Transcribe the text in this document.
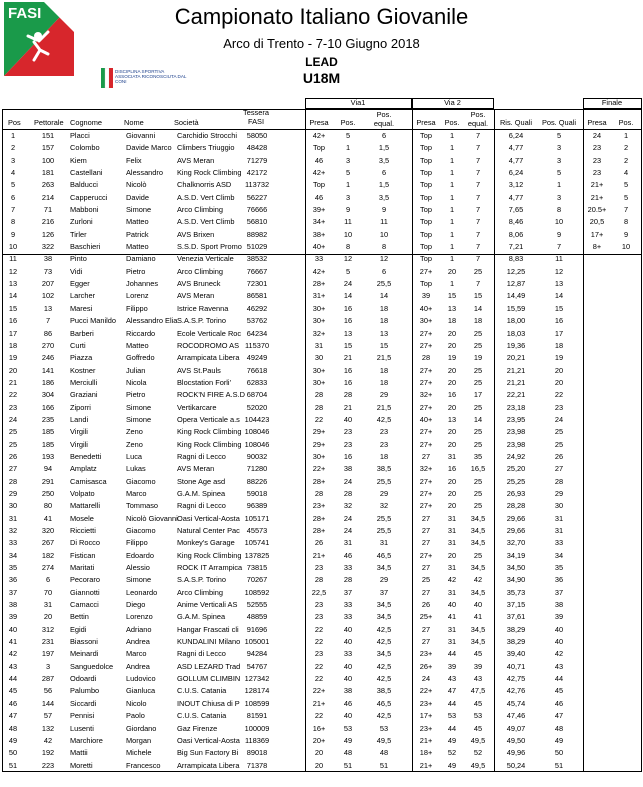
FASI	Campionato Italiano Giovanile
Arco di Trento - 7-10 Giugno 2018
LEAD
U18M
DISCIPLINA SPORTIVA ASSOCIATA RICONOSCIUTA DAL CONI
Via1	Via 2	Finale
Pos Pettorale Cognome	Nome	Società
Tessera FASI	Presa	Pos.
Pos. equal.	Presa	Pos.
Pos. equal.	Ris. Quali	Pos. Quali	Presa	Pos.
1	151	Placci	Giovanni	Carchidio Strocchi	58050	42+	5	6	Top	1	7	6,24	5	24	1
2	157	Colombo	Davide Marco Climbers Triuggio	48428	Top	1	1,5	Top	1	7	4,77	3	23	2
3	100	Kiem	Felix	AVS Meran	71279	46	3	3,5	Top	1	7	4,77	3	23	2
4	181	Castellani	Alessandro	King Rock Climbing 42172	42+	5	6	Top	1	7	6,24	5	23	4
5	263	Balducci	Nicolò	Chalknorris ASD	113732	Top	1	1,5	Top	1	7	3,12	1	21+	5
6	214	Capperucci	Davide	A.S.D. Vert Climb	56227	46	3	3,5	Top	1	7	4,77	3	21+	5
7	71	Mabboni	Simone	Arco Climbing	76666	39+	9	9	Top	1	7	7,65	8	20.5+	7
8	216	Zurloni	Matteo	A.S.D. Vert Climb	56810	34+	11	11	Top	1	7	8,46	10	20,5	8
9	126	Tirler	Patrick	AVS Brixen	88982	38+	10	10	Top	1	7	8,06	9	17+	9
10	322	Baschieri	Matteo	S.S.D. Sport Promo 51029	40+	8	8	Top	1	7	7,21	7	8+	10
11	38	Pinto	Damiano	Venezia Verticale	38532	33	12	12	Top	1	7	8,83	11
12	73	Vidi	Pietro	Arco Climbing	76667	42+	5	6	27+	20	25	12,25	12
13	207	Egger	Johannes	AVS Bruneck	72301	28+	24	25,5	Top	1	7	12,87	13
14	102	Larcher	Lorenz	AVS Meran	86581	31+	14	14	39	15	15	14,49	14
15	13	Maresi	Filippo	Istrice Ravenna	46292	30+	16	18	40+	13	14	15,59	15
16	7	Pucci Manildo	Alessandro Elia S.A.S.P. Torino	53762	30+	16	18	30+	18	18	18,00	16
17	86	Barberi	Riccardo	Ecole Verticale Roc 64234	32+	13	13	27+	20	25	18,03	17
18	270	Curti	Matteo	ROCODROMO AS 115370	31	15	15	27+	20	25	19,36	18
19	246	Piazza	Goffredo	Arrampicata Libera 49249	30	21	21,5	28	19	19	20,21	19
20	141	Kostner	Julian	AVS St.Pauls	76618	30+	16	18	27+	20	25	21,21	20
21	186	Merciulli	Nicola	Blocstation Forli'	62833	30+	16	18	27+	20	25	21,21	20
22	304	Graziani	Pietro	ROCK'N FIRE A.S.D 68704	28	28	29	32+	16	17	22,21	22
23	166	Ziporri	Simone	Vertikarcare	52020	28	21	21,5	27+	20	25	23,18	23
24	235	Landi	Simone	Opera Verticale a.s 104423	22	40	42,5	40+	13	14	23,95	24
25	185	Virgili	Zeno	King Rock Climbing 108046	29+	23	23	27+	20	25	23,98	25
25	185	Virgili	Zeno	King Rock Climbing 108046	29+	23	23	27+	20	25	23,98	25
26	193	Benedetti	Luca	Ragni di Lecco	90032	30+	16	18	27	31	35	24,92	26
27	94	Amplatz	Lukas	AVS Meran	71280	22+	38	38,5	32+	16	16,5	25,20	27
28	291	Camisasca	Giacomo	Stone Age asd	88226	28+	24	25,5	27+	20	25	25,25	28
29	250	Volpato	Marco	G.A.M. Spinea	59018	28	28	29	27+	20	25	26,93	29
30	80	Mattarelli	Tommaso	Ragni di Lecco	96389	23+	32	32	27+	20	25	28,28	30
31	41	Mosele	Nicolò Giovanni Oasi Vertical-Aosta 105171	28+	24	25,5	27	31	34,5	29,66	31
32	320	Riccietti	Giacomo	Natural Center Pac 45573	28+	24	25,5	27	31	34,5	29,66	31
33	267	Di Rocco	Filippo	Monkey's Garage	105741	26	31	31	27	31	34,5	32,70	33
34	182	Fistican	Edoardo	King Rock Climbing 137825	21+	46	46,5	27+	20	25	34,19	34
35	274	Maritati	Alessio	ROCK IT Arrampica 73815	23	33	34,5	27	31	34,5	34,50	35
36	6	Pecoraro	Simone	S.A.S.P. Torino	70267	28	28	29	25	42	42	34,90	36
37	70	Giannotti	Leonardo	Arco Climbing	108592	22,5	37	37	27	31	34,5	35,73	37
38	31	Camacci	Diego	Anime Verticali AS	52555	23	33	34,5	26	40	40	37,15	38
39	20	Bettin	Lorenzo	G.A.M. Spinea	48859	23	33	34,5	25+	41	41	37,61	39
40	312	Egidi	Adriano	Hangar Frascati cli	91696	22	40	42,5	27	31	34,5	38,29	40
41	231	Biassoni	Andrea	KUNDALINI Milano 105001	22	40	42,5	27	31	34,5	38,29	40
42	197	Meinardi	Marco	Ragni di Lecco	94284	23	33	34,5	23+	44	45	39,40	42
43	3	Sanguedolce	Andrea	ASD LEZARD Trad 54767	22	40	42,5	26+	39	39	40,71	43
44	287	Odoardi	Ludovico	GOLLUM CLIMBIN 127342	22	40	42,5	24	43	43	42,75	44
45	56	Palumbo	Gianluca	C.U.S. Catania	128174	22+	38	38,5	22+	47	47,5	42,76	45
46	144	Siccardi	Nicolo	INOUT Chiusa di P 108599	21+	46	46,5	23+	44	45	45,74	46
47	57	Pennisi	Paolo	C.U.S. Catania	81591	22	40	42,5	17+	53	53	47,46	47
48	132	Lusenti	Giordano	Gaz Firenze	100009	16+	53	53	23+	44	45	49,07	48
49	42	Marchiore	Morgan	Oasi Vertical-Aosta 118369	20+	49	49,5	21+	49	49,5	49,50	49
50	192	Mattii	Michele	Big Sun Factory Bi	89018	20	48	48	18+	52	52	49,96	50
51	223	Moretti	Francesco	Arrampicata Libera 71378	20	51	51	21+	49	49,5	50,24	51
